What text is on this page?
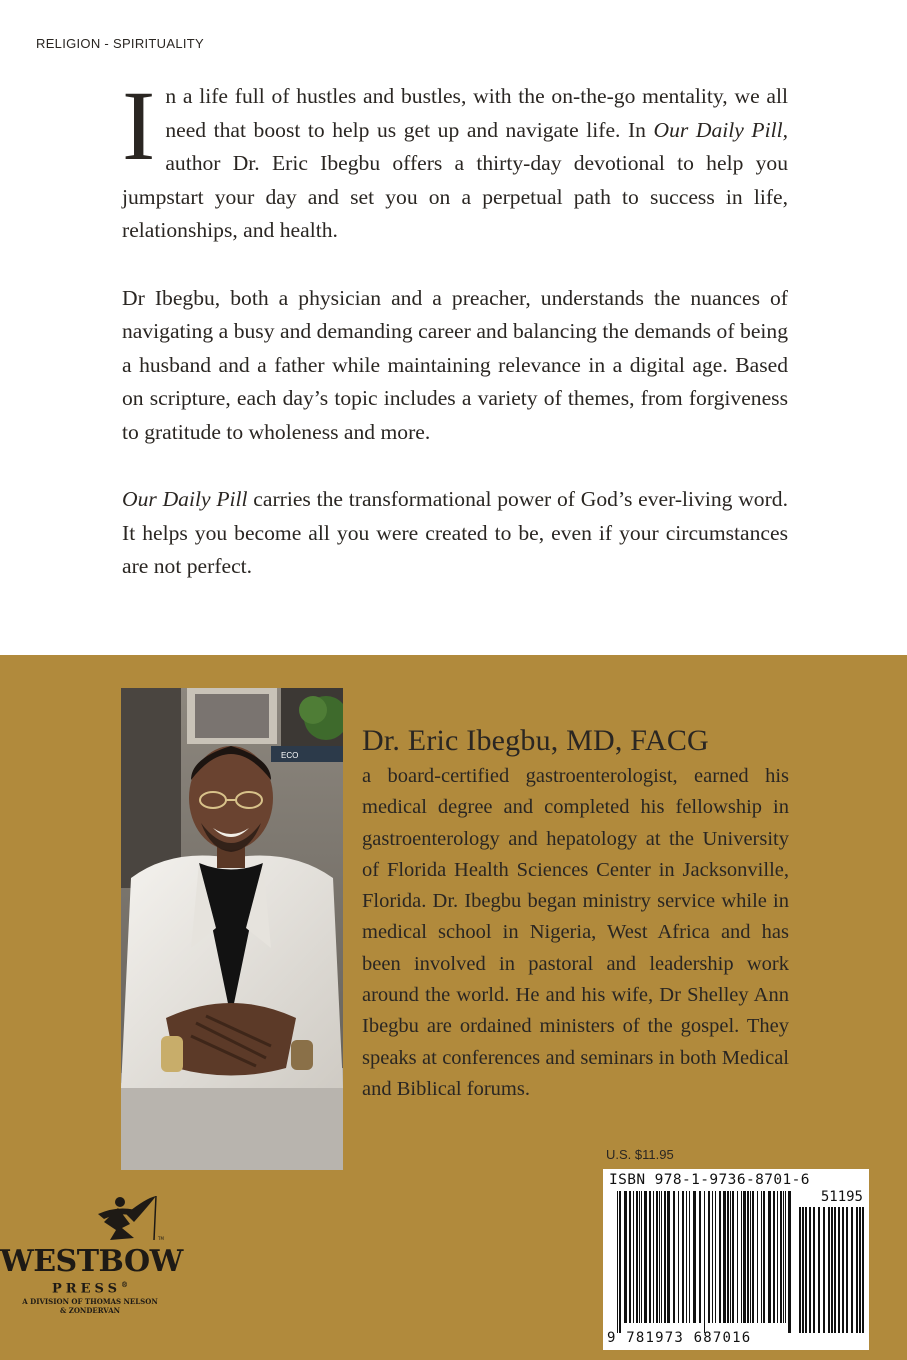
RELIGION - SPIRITUALITY

In a life full of hustles and bustles, with the on-the-go mentality, we all need that boost to help us get up and navigate life. In Our Daily Pill, author Dr. Eric Ibegbu offers a thirty-day devotional to help you jumpstart your day and set you on a perpetual path to success in life, relationships, and health.

Dr Ibegbu, both a physician and a preacher, understands the nuances of navigating a busy and demanding career and balancing the demands of being a husband and a father while maintaining relevance in a digital age. Based on scripture, each day’s topic includes a variety of themes, from forgiveness to gratitude to wholeness and more.

Our Daily Pill carries the transformational power of God’s ever-living word. It helps you become all you were created to be, even if your circumstances are not perfect.

ECO Dr. Eric Ibegbu, MD, FACG
a board-certified gastroenterologist, earned his medical degree and completed his fellowship in gastroenterology and hepatology at the University of Florida Health Sciences Center in Jacksonville, Florida. Dr. Ibegbu began ministry service while in medical school in Nigeria, West Africa and has been involved in pastoral and leadership work around the world. He and his wife, Dr Shelley Ann Ibegbu are ordained ministers of the gospel. They speaks at conferences and seminars in both Medical and Biblical forums.
U.S. $11.95
ISBN 978-1-9736-8701-6
51195
9 781973 687016
TM
WESTBOW
PRESS®
A DIVISION OF THOMAS NELSON
& ZONDERVAN
